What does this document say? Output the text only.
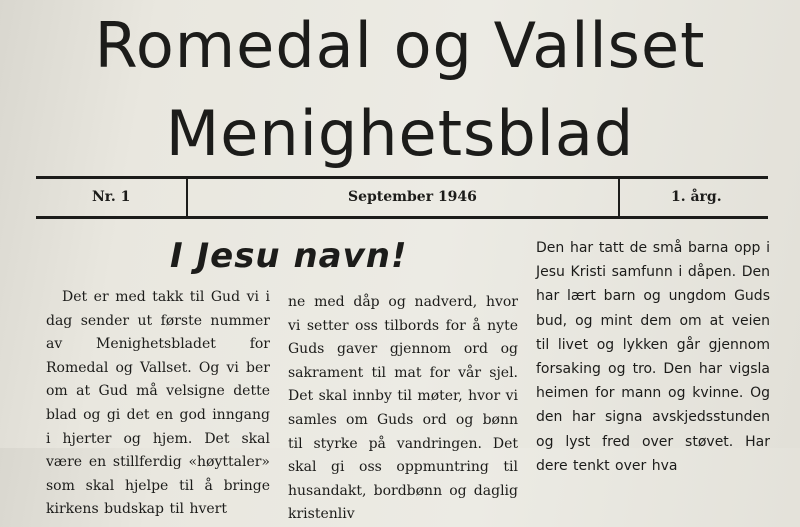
Romedal og Vallset
Menighetsblad
Nr. 1	September 1946	1. årg.
I Jesu navn!
Det er med takk til Gud vi i dag sender ut første nummer av Menighetsbladet for Romedal og Vallset. Og vi ber om at Gud må velsigne dette blad og gi det en god inngang i hjerter og hjem. Det skal være en stillferdig «høyttaler» som skal hjelpe til å bringe kirkens budskap til hvert
ne med dåp og nadverd, hvor vi setter oss tilbords for å nyte Guds gaver gjennom ord og sakrament til mat for vår sjel. Det skal innby til møter, hvor vi samles om Guds ord og bønn til styrke på vandringen. Det skal gi oss oppmuntring til husandakt, bordbønn og daglig kristenliv
Den har tatt de små barna opp i Jesu Kristi samfunn i dåpen. Den har lært barn og ungdom Guds bud, og mint dem om at veien til livet og lykken går gjennom forsaking og tro. Den har vigsla heimen for mann og kvinne. Og den har signa avskjedsstunden og lyst fred over støvet. Har dere tenkt over hva
